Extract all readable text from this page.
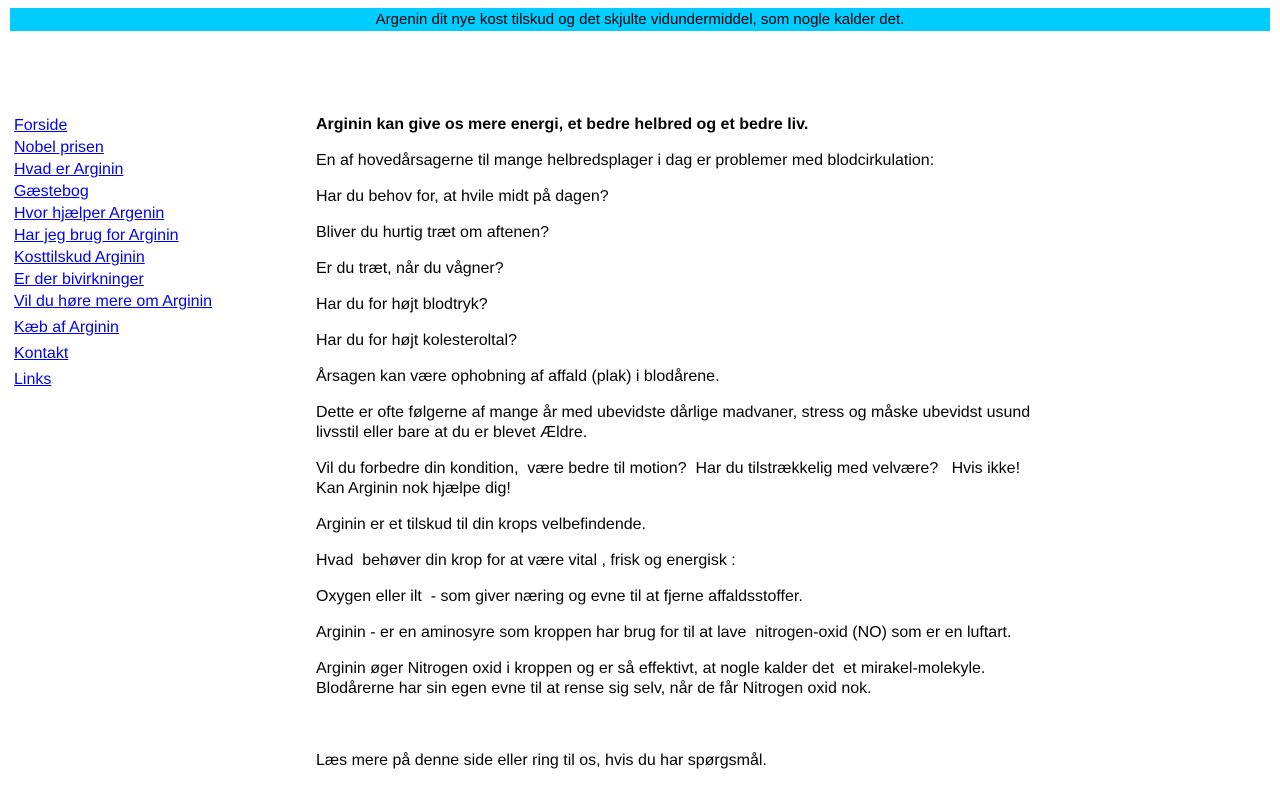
Argenin dit nye kost tilskud og det skjulte vidundermiddel, som nogle kalder det.
Forside
Nobel prisen
Hvad er Arginin
Gæstebog
Hvor hjælper Argenin
Har jeg brug for Arginin
Kosttilskud Arginin
Er der bivirkninger
Vil du høre mere om Arginin
Kæb af Arginin
Kontakt
Links

Arginin kan give os mere energi, et bedre helbred og et bedre liv.

En af hovedårsagerne til mange helbredsplager i dag er problemer med blodcirkulation:

Har du behov for, at hvile midt på dagen?

Bliver du hurtig træt om aftenen?

Er du træt, når du vågner?

Har du for højt blodtryk?

Har du for højt kolesteroltal?

Årsagen kan være ophobning af affald (plak) i blodårene.

Dette er ofte følgerne af mange år med ubevidste dårlige madvaner, stress og måske ubevidst usund livsstil eller bare at du er blevet Ældre.

Vil du forbedre din kondition,  være bedre til motion?  Har du tilstrækkelig med velvære?   Hvis ikke! Kan Arginin nok hjælpe dig!

Arginin er et tilskud til din krops velbefindende.

Hvad  behøver din krop for at være vital , frisk og energisk :

Oxygen eller ilt  - som giver næring og evne til at fjerne affaldsstoffer.

Arginin - er en aminosyre som kroppen har brug for til at lave  nitrogen-oxid (NO) som er en luftart.

Arginin øger Nitrogen oxid i kroppen og er så effektivt, at nogle kalder det  et mirakel-molekyle. Blodårerne har sin egen evne til at rense sig selv, når de får Nitrogen oxid nok.

Læs mere på denne side eller ring til os, hvis du har spørgsmål.
